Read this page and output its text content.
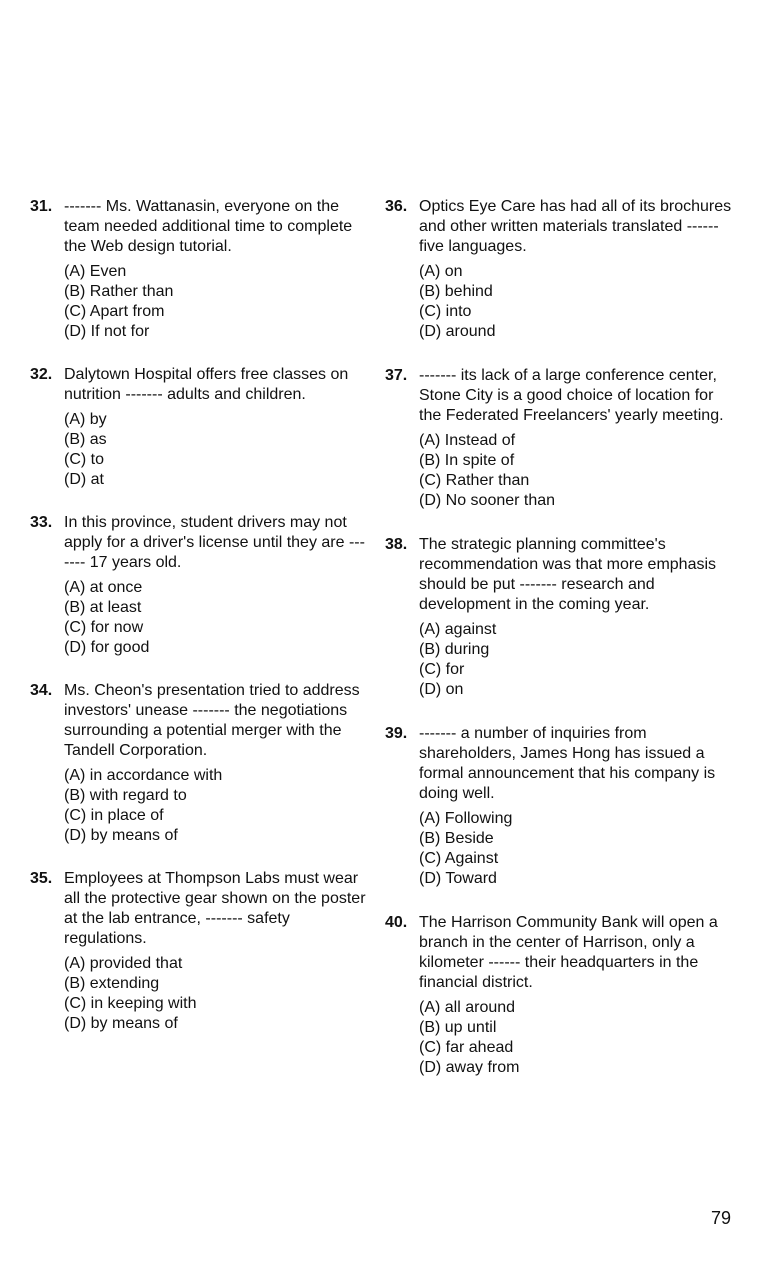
31. ------- Ms. Wattanasin, everyone on the team needed additional time to complete the Web design tutorial.
(A) Even
(B) Rather than
(C) Apart from
(D) If not for
32. Dalytown Hospital offers free classes on nutrition ------- adults and children.
(A) by
(B) as
(C) to
(D) at
33. In this province, student drivers may not apply for a driver's license until they are ------- 17 years old.
(A) at once
(B) at least
(C) for now
(D) for good
34. Ms. Cheon's presentation tried to address investors' unease ------- the negotiations surrounding a potential merger with the Tandell Corporation.
(A) in accordance with
(B) with regard to
(C) in place of
(D) by means of
35. Employees at Thompson Labs must wear all the protective gear shown on the poster at the lab entrance, ------- safety regulations.
(A) provided that
(B) extending
(C) in keeping with
(D) by means of
36. Optics Eye Care has had all of its brochures and other written materials translated ------ five languages.
(A) on
(B) behind
(C) into
(D) around
37. ------- its lack of a large conference center, Stone City is a good choice of location for the Federated Freelancers' yearly meeting.
(A) Instead of
(B) In spite of
(C) Rather than
(D) No sooner than
38. The strategic planning committee's recommendation was that more emphasis should be put ------- research and development in the coming year.
(A) against
(B) during
(C) for
(D) on
39. ------- a number of inquiries from shareholders, James Hong has issued a formal announcement that his company is doing well.
(A) Following
(B) Beside
(C) Against
(D) Toward
40. The Harrison Community Bank will open a branch in the center of Harrison, only a kilometer ------ their headquarters in the financial district.
(A) all around
(B) up until
(C) far ahead
(D) away from
79
